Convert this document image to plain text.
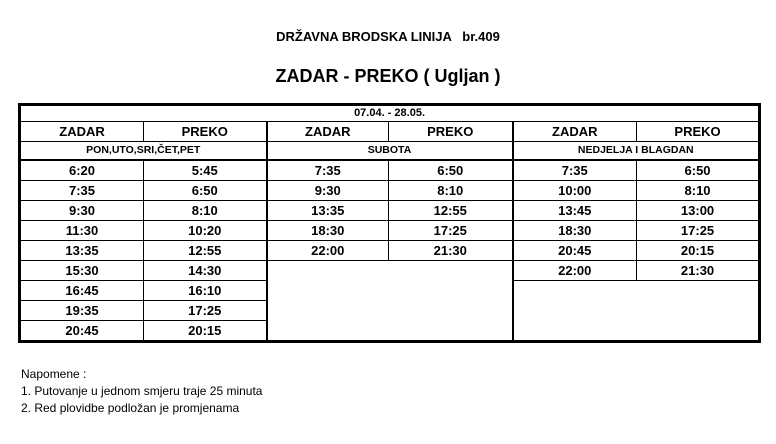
DRŽAVNA BRODSKA LINIJA   br.409
ZADAR - PREKO ( Ugljan )
07.04. - 28.05.					
ZADAR	PREKO	ZADAR	PREKO	ZADAR	PREKO
PON,UTO,SRI,ČET,PET		SUBOTA		NEDJELJA I BLAGDAN	
6:20	5:45	7:35	6:50	7:35	6:50
7:35	6:50	9:30	8:10	10:00	8:10
9:30	8:10	13:35	12:55	13:45	13:00
11:30	10:20	18:30	17:25	18:30	17:25
13:35	12:55	22:00	21:30	20:45	20:15
15:30	14:30			22:00	21:30
16:45	16:10				
19:35	17:25				
20:45	20:15				
Napomene :
1. Putovanje u jednom smjeru traje 25 minuta
2. Red plovidbe podložan je promjenama
